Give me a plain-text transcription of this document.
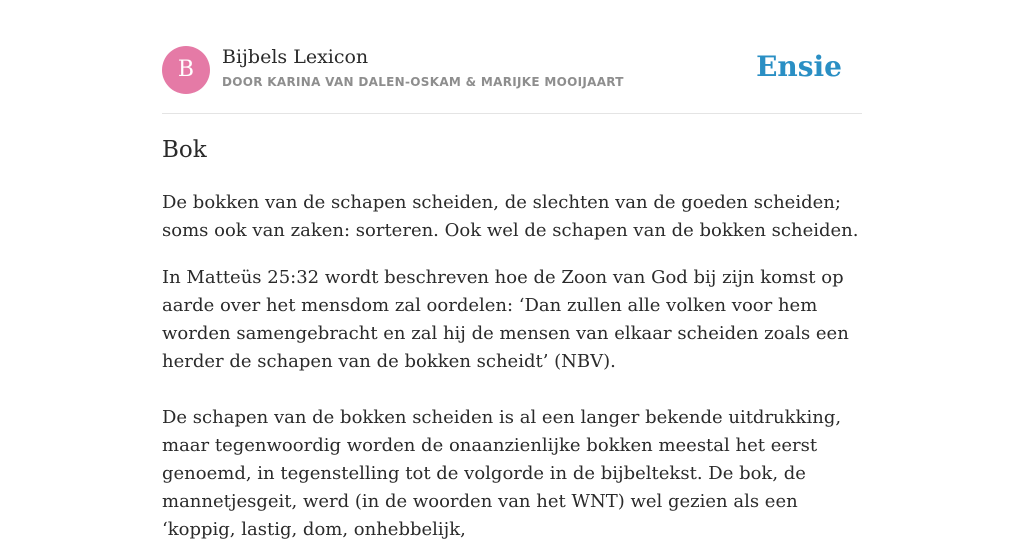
B	Bijbels Lexicon
DOOR KARINA VAN DALEN-OSKAM & MARIJKE MOOIJAART	Ensie
Bok

De bokken van de schapen scheiden, de slechten van de goeden scheiden; soms ook van zaken: sorteren. Ook wel de schapen van de bokken scheiden.

In Matteüs 25:32 wordt beschreven hoe de Zoon van God bij zijn komst op aarde over het mensdom zal oordelen: ‘Dan zullen alle volken voor hem worden samengebracht en zal hij de mensen van elkaar scheiden zoals een herder de schapen van de bokken scheidt’ (NBV).

De schapen van de bokken scheiden is al een langer bekende uitdrukking, maar tegenwoordig worden de onaanzienlijke bokken meestal het eerst genoemd, in tegenstelling tot de volgorde in de bijbeltekst. De bok, de mannetjesgeit, werd (in de woorden van het WNT) wel gezien als een ‘koppig, lastig, dom, onhebbelijk,
